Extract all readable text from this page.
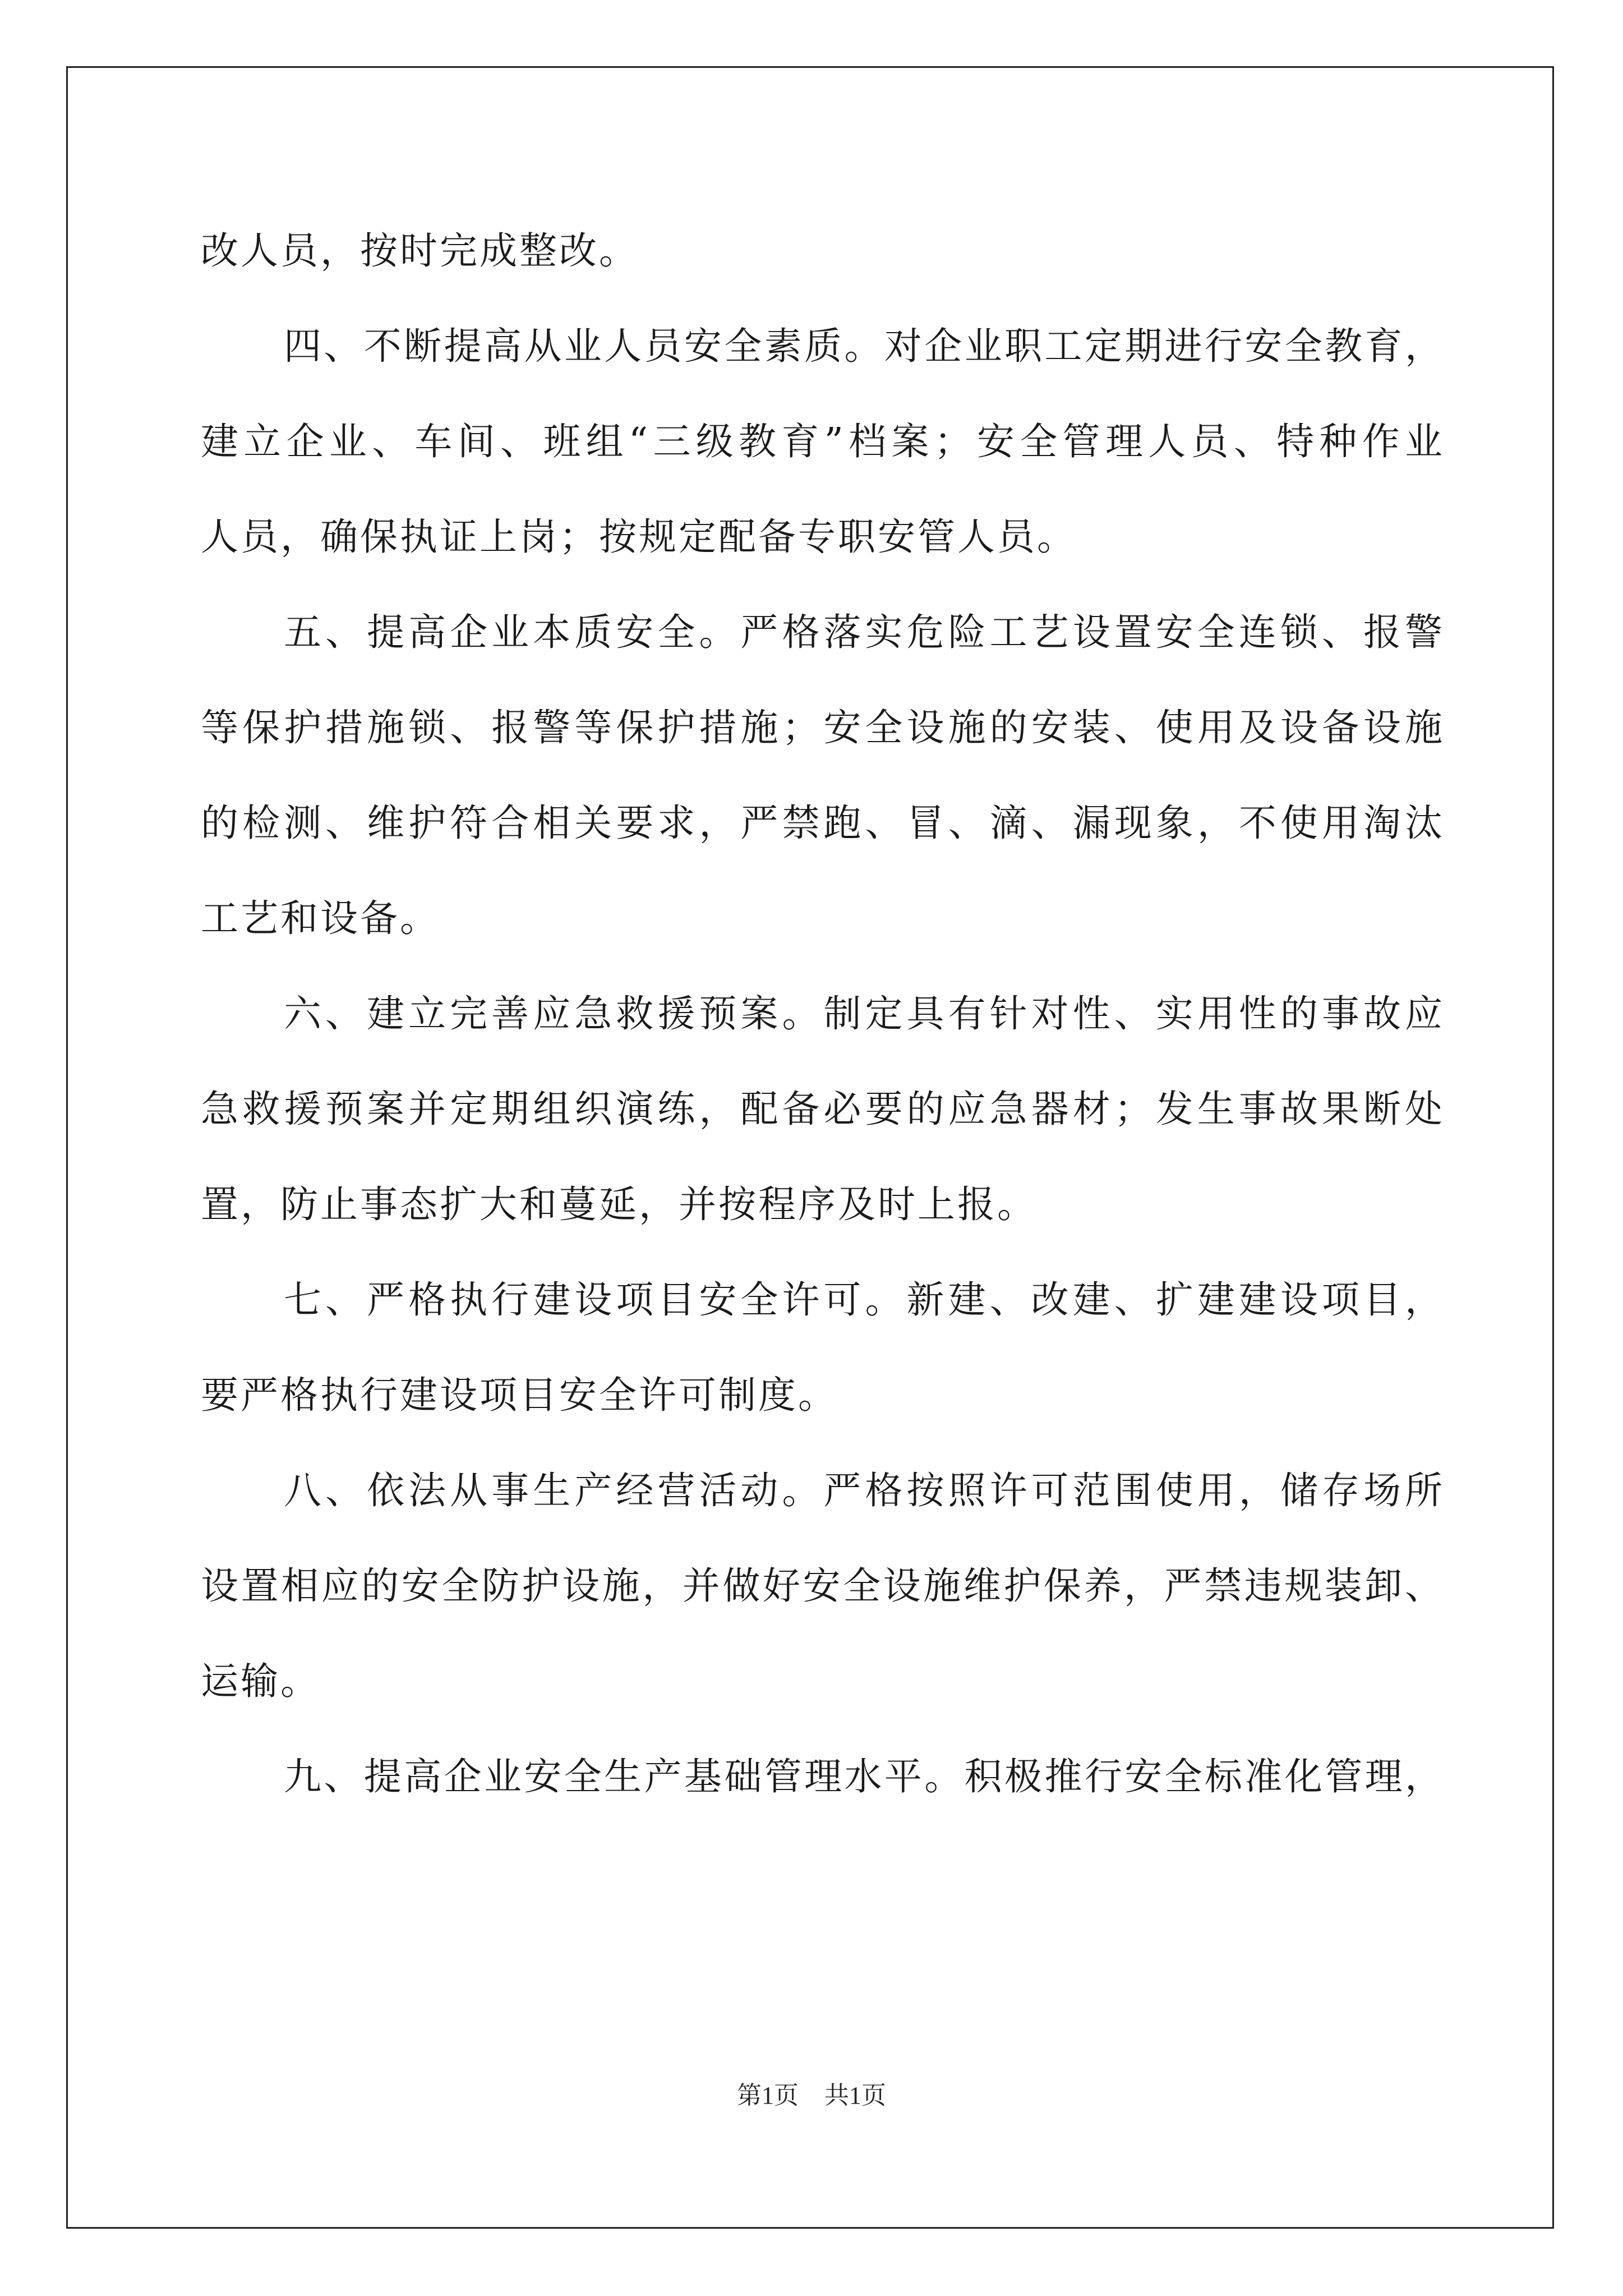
改人员，按时完成整改。
四、不断提高从业人员安全素质。对企业职工定期进行安全教育，
建立企业、车间、班组“三级教育”档案；安全管理人员、特种作业
人员，确保执证上岗；按规定配备专职安管人员。
五、提高企业本质安全。严格落实危险工艺设置安全连锁、报警
等保护措施锁、报警等保护措施；安全设施的安装、使用及设备设施
的检测、维护符合相关要求，严禁跑、冒、滴、漏现象，不使用淘汰
工艺和设备。
六、建立完善应急救援预案。制定具有针对性、实用性的事故应
急救援预案并定期组织演练，配备必要的应急器材；发生事故果断处
置，防止事态扩大和蔓延，并按程序及时上报。
七、严格执行建设项目安全许可。新建、改建、扩建建设项目，
要严格执行建设项目安全许可制度。
八、依法从事生产经营活动。严格按照许可范围使用，储存场所
设置相应的安全防护设施，并做好安全设施维护保养，严禁违规装卸、
运输。
九、提高企业安全生产基础管理水平。积极推行安全标准化管理，
第1页 共1页
